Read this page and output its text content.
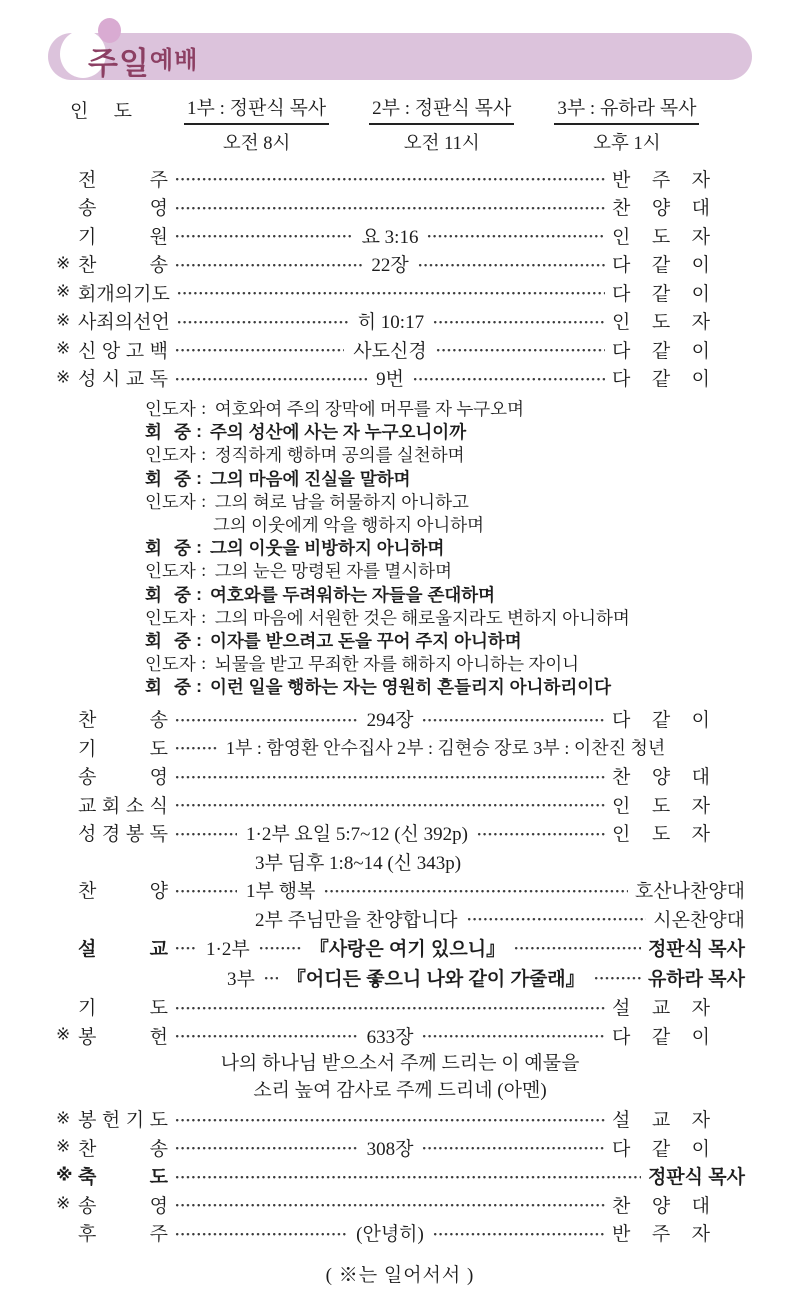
주일예배
인 도	1부 : 정판식 목사
오전 8시
2부 : 정판식 목사
오전 11시
3부 : 유하라 목사
오후 1시
전	주	반 주 자
송	영	찬 양 대
기	원	요 3:16	인 도 자
※ 찬	송	22장	다 같 이
※ 회 개 의 기 도	다 같 이
※ 사 죄 의 선 언	히 10:17	인 도 자
※ 신 앙 고 백	사도신경	다 같 이
※ 성 시 교 독	9번	다 같 이
인 도 자 : 여호와여 주의 장막에 머무를 자 누구오며
회 중 : 주의 성산에 사는 자 누구오니이까
인 도 자 : 정직하게 행하며 공의를 실천하며
회 중 : 그의 마음에 진실을 말하며
인 도 자 : 그의 혀로 남을 허물하지 아니하고
그의 이웃에게 악을 행하지 아니하며
회 중 : 그의 이웃을 비방하지 아니하며
인 도 자 : 그의 눈은 망령된 자를 멸시하며
회 중 : 여호와를 두려워하는 자들을 존대하며
인 도 자 : 그의 마음에 서원한 것은 해로울지라도 변하지 아니하며
회 중 : 이자를 받으려고 돈을 꾸어 주지 아니하며
인 도 자 : 뇌물을 받고 무죄한 자를 해하지 아니하는 자이니
회 중 : 이런 일을 행하는 자는 영원히 흔들리지 아니하리이다
찬	송	294장	다 같 이
기	도	1부 : 함영환 안수집사 2부 : 김현승 장로 3부 : 이찬진 청년
송	영	찬 양 대
교 회 소 식	인 도 자
성 경 봉 독	1·2부 요일 5:7~12 (신 392p)	인 도 자
3부 딤후 1:8~14 (신 343p)
찬	양	1부 행복	호산나찬양대
2부 주님만을 찬양합니다	시온찬양대
설	교 1·2부	『사랑은 여기 있으니』	정판식 목사
3부 『어디든 좋으니 나와 같이 가줄래』	유하라 목사
기	도	설 교 자
※ 봉	헌	633장	다 같 이
나의 하나님 받으소서 주께 드리는 이 예물을
소리 높여 감사로 주께 드리네 (아멘)
※ 봉 헌 기 도	설 교 자
※ 찬	송	308장	다 같 이
※ 축	도	정판식 목사
※ 송	영	찬 양 대
후	주	(안녕히)	반 주 자
( ※는 일어서서 )
